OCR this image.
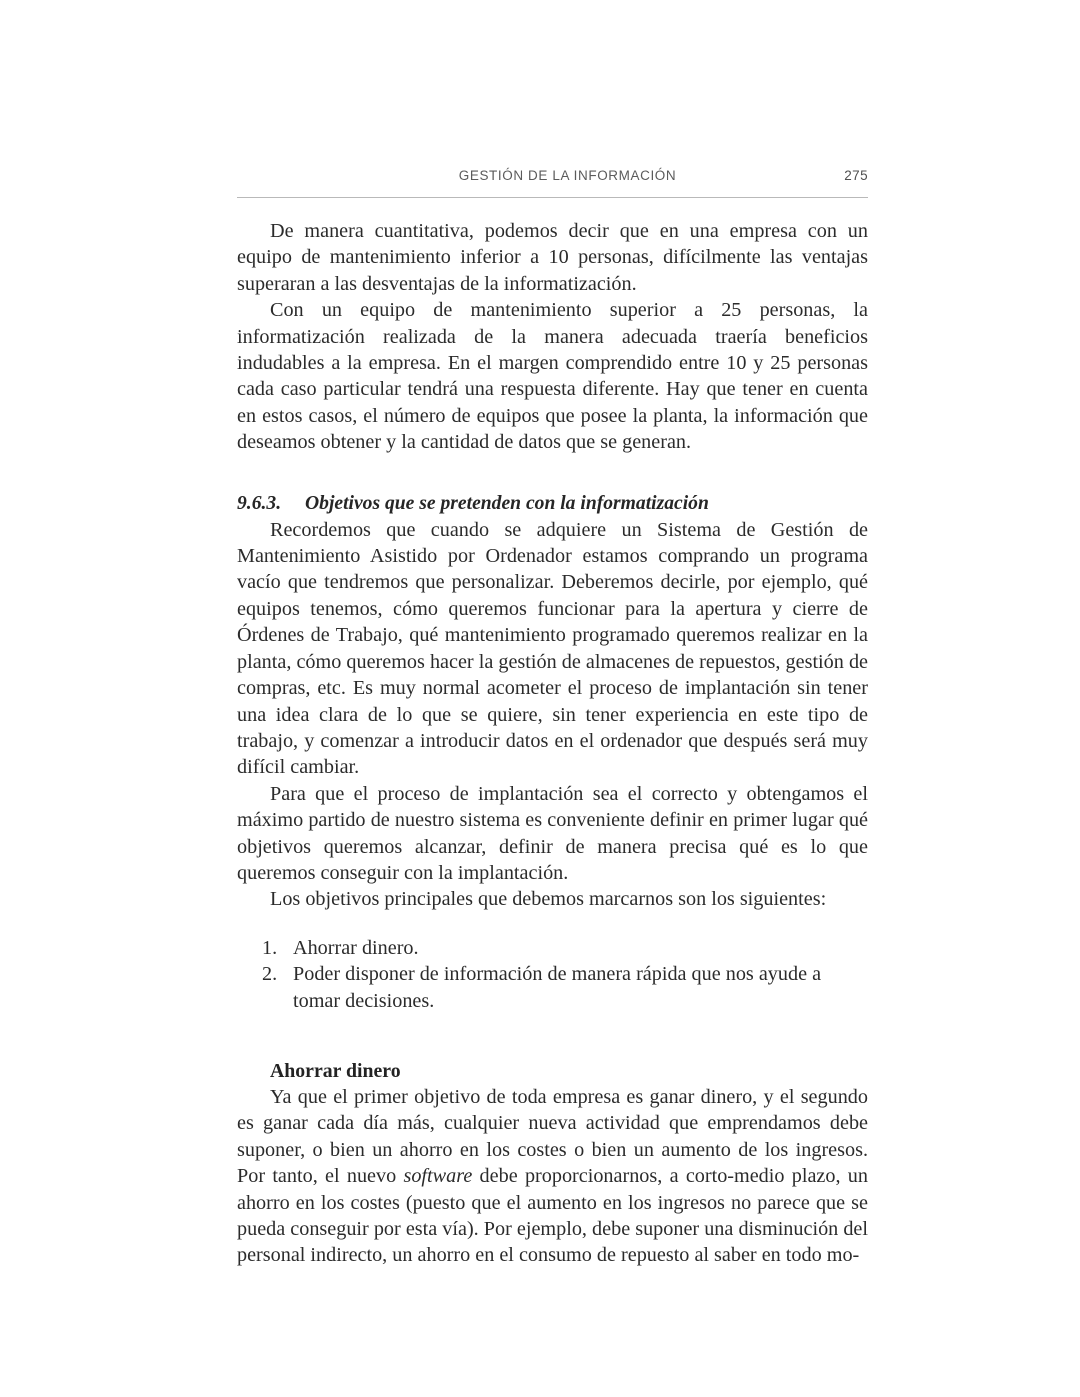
GESTIÓN DE LA INFORMACIÓN	275

De manera cuantitativa, podemos decir que en una empresa con un equipo de mantenimiento inferior a 10 personas, difícilmente las ventajas superaran a las desventajas de la informatización.

Con un equipo de mantenimiento superior a 25 personas, la informatización realizada de la manera adecuada traería beneficios indudables a la empresa. En el margen comprendido entre 10 y 25 personas cada caso particular tendrá una respuesta diferente. Hay que tener en cuenta en estos casos, el número de equipos que posee la planta, la información que deseamos obtener y la cantidad de datos que se generan.

9.6.3.	Objetivos que se pretenden con la informatización

Recordemos que cuando se adquiere un Sistema de Gestión de Mantenimiento Asistido por Ordenador estamos comprando un programa vacío que tendremos que personalizar. Deberemos decirle, por ejemplo, qué equipos tenemos, cómo queremos funcionar para la apertura y cierre de Órdenes de Trabajo, qué mantenimiento programado queremos realizar en la planta, cómo queremos hacer la gestión de almacenes de repuestos, gestión de compras, etc. Es muy normal acometer el proceso de implantación sin tener una idea clara de lo que se quiere, sin tener experiencia en este tipo de trabajo, y comenzar a introducir datos en el ordenador que después será muy difícil cambiar.

Para que el proceso de implantación sea el correcto y obtengamos el máximo partido de nuestro sistema es conveniente definir en primer lugar qué objetivos queremos alcanzar, definir de manera precisa qué es lo que queremos conseguir con la implantación.

Los objetivos principales que debemos marcarnos son los siguientes:

1. Ahorrar dinero.
2. Poder disponer de información de manera rápida que nos ayude a tomar decisiones.
Ahorrar dinero

Ya que el primer objetivo de toda empresa es ganar dinero, y el segundo es ganar cada día más, cualquier nueva actividad que emprendamos debe suponer, o bien un ahorro en los costes o bien un aumento de los ingresos. Por tanto, el nuevo software debe proporcionarnos, a corto-medio plazo, un ahorro en los costes (puesto que el aumento en los ingresos no parece que se pueda conseguir por esta vía). Por ejemplo, debe suponer una disminución del personal indirecto, un ahorro en el consumo de repuesto al saber en todo mo-
